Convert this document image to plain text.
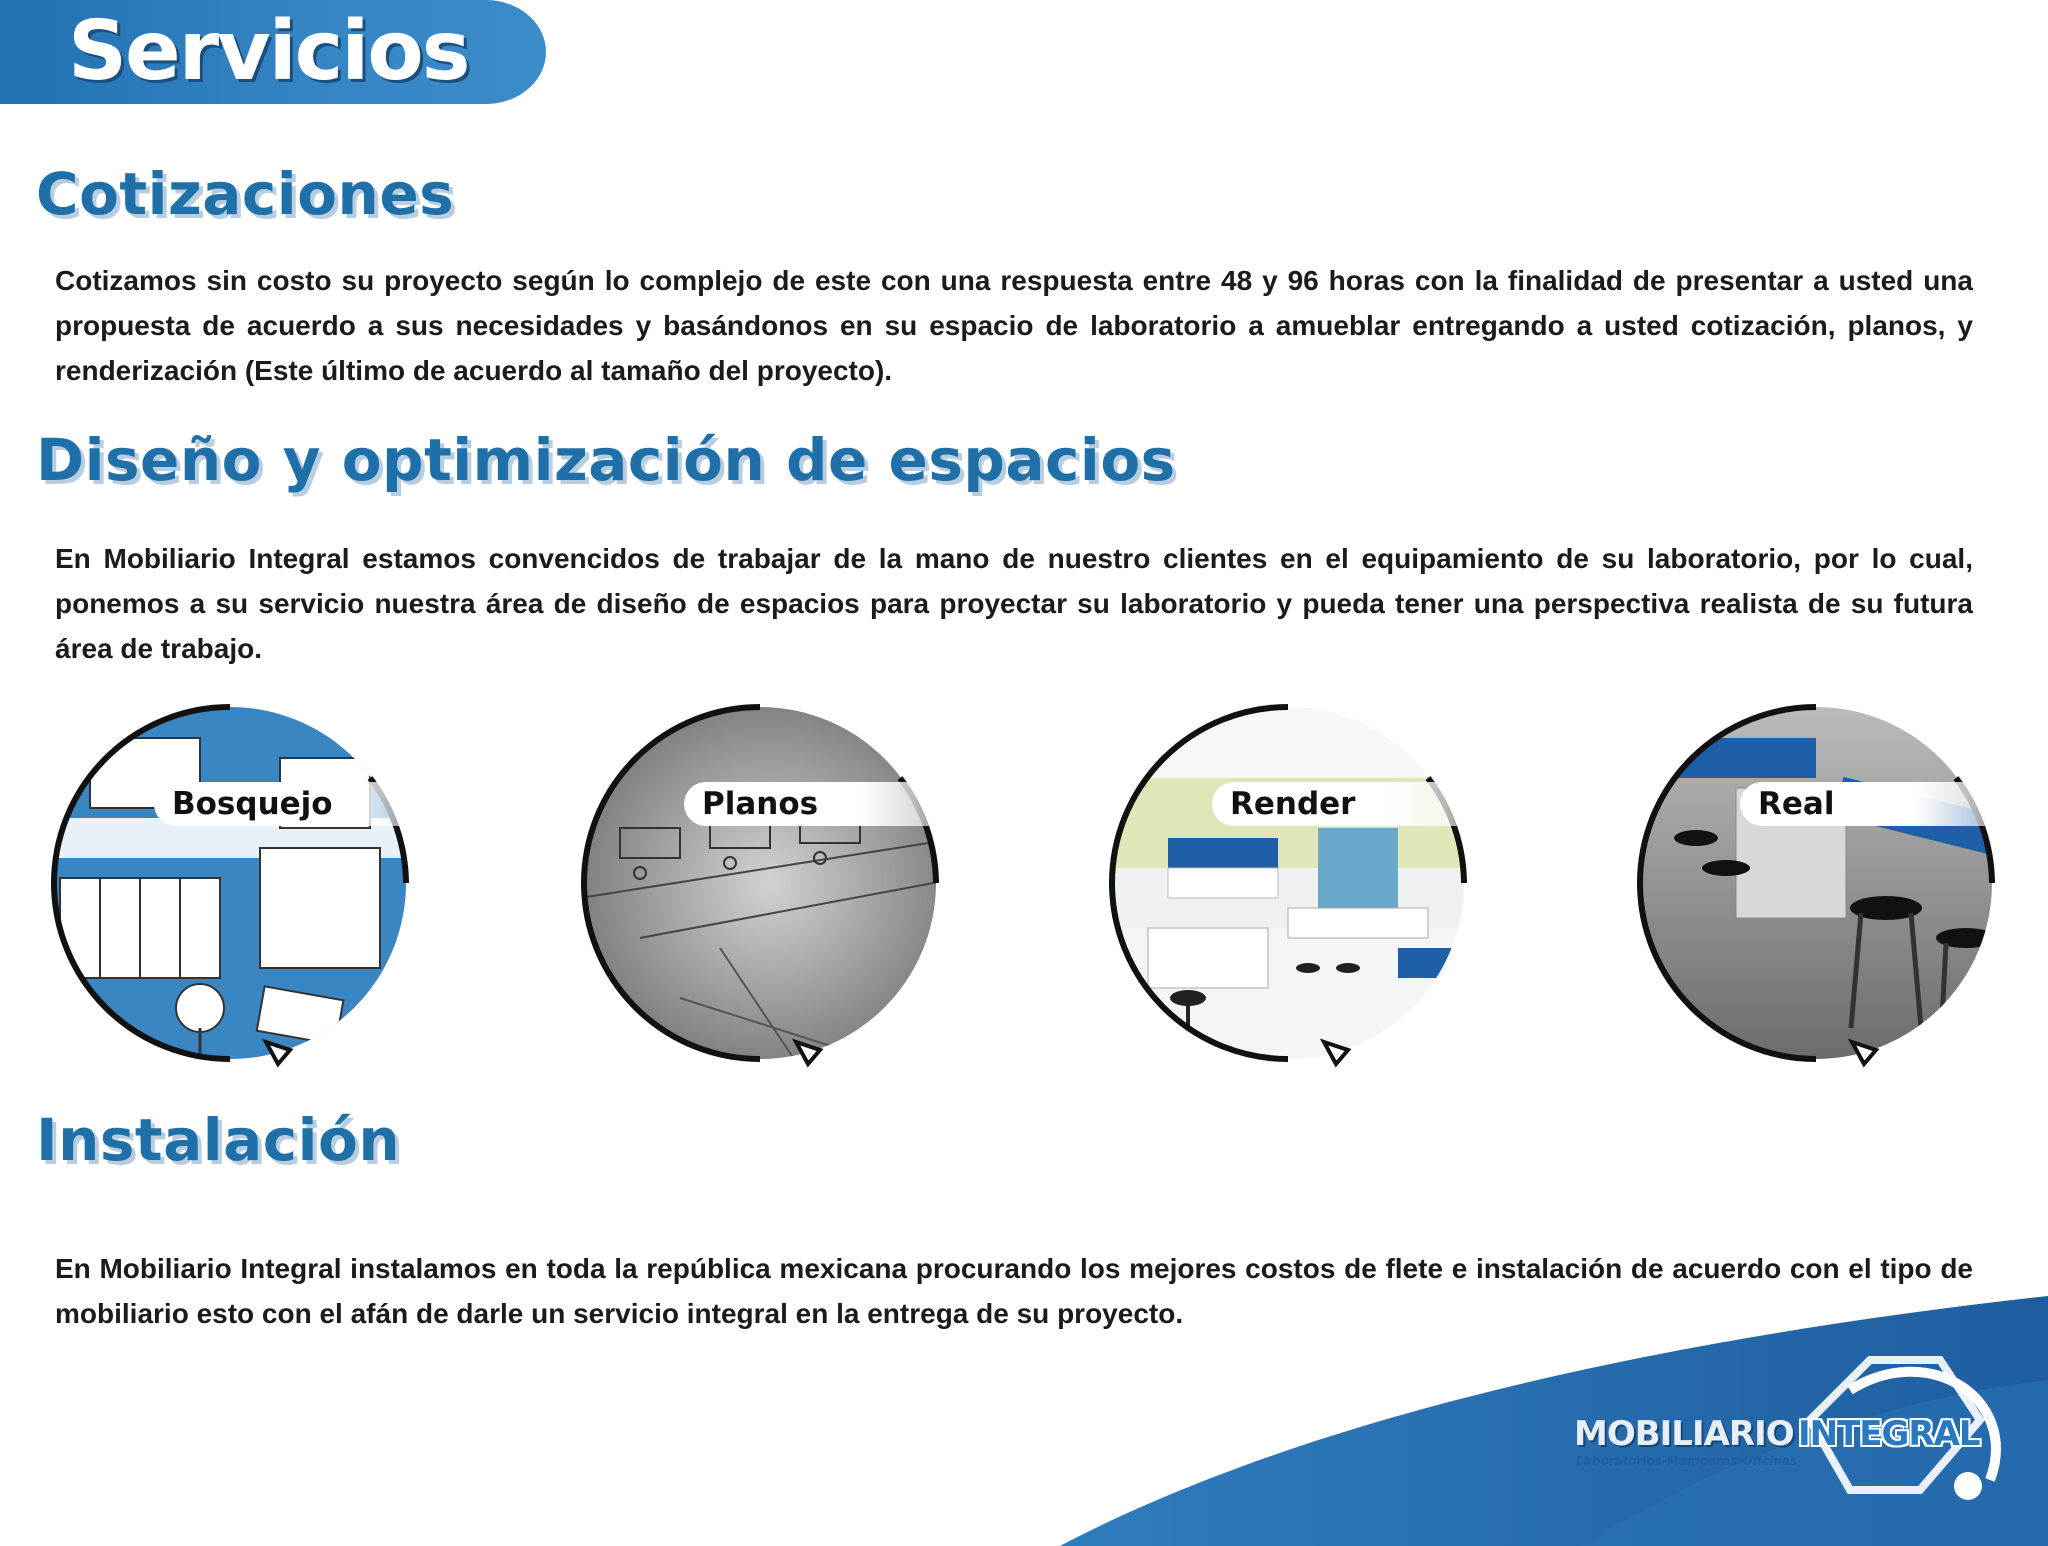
Servicios
Cotizaciones

Cotizamos sin costo su proyecto según lo complejo de este con una respuesta entre 48 y 96 horas con la finalidad de presentar a usted una propuesta de acuerdo a sus necesidades y basándonos en su espacio de laboratorio a amueblar entregando a usted cotización, planos, y renderización (Este último de acuerdo al tamaño del proyecto).

Diseño y optimización de espacios

En Mobiliario Integral estamos convencidos de trabajar de la mano de nuestro clientes en el equipamiento de su laboratorio, por lo cual, ponemos a su servicio nuestra área de diseño de espacios para proyectar su laboratorio y pueda tener una perspectiva realista de su futura área de trabajo.

Bosquejo	Planos	Render	Real
Instalación

En Mobiliario Integral instalamos en toda la república mexicana procurando los mejores costos de flete e instalación de acuerdo con el tipo de mobiliario esto con el afán de darle un servicio integral en la entrega de su proyecto.

MOBILIARIO INTEGRAL
Laboratorios-Mamparas-Oficinas
